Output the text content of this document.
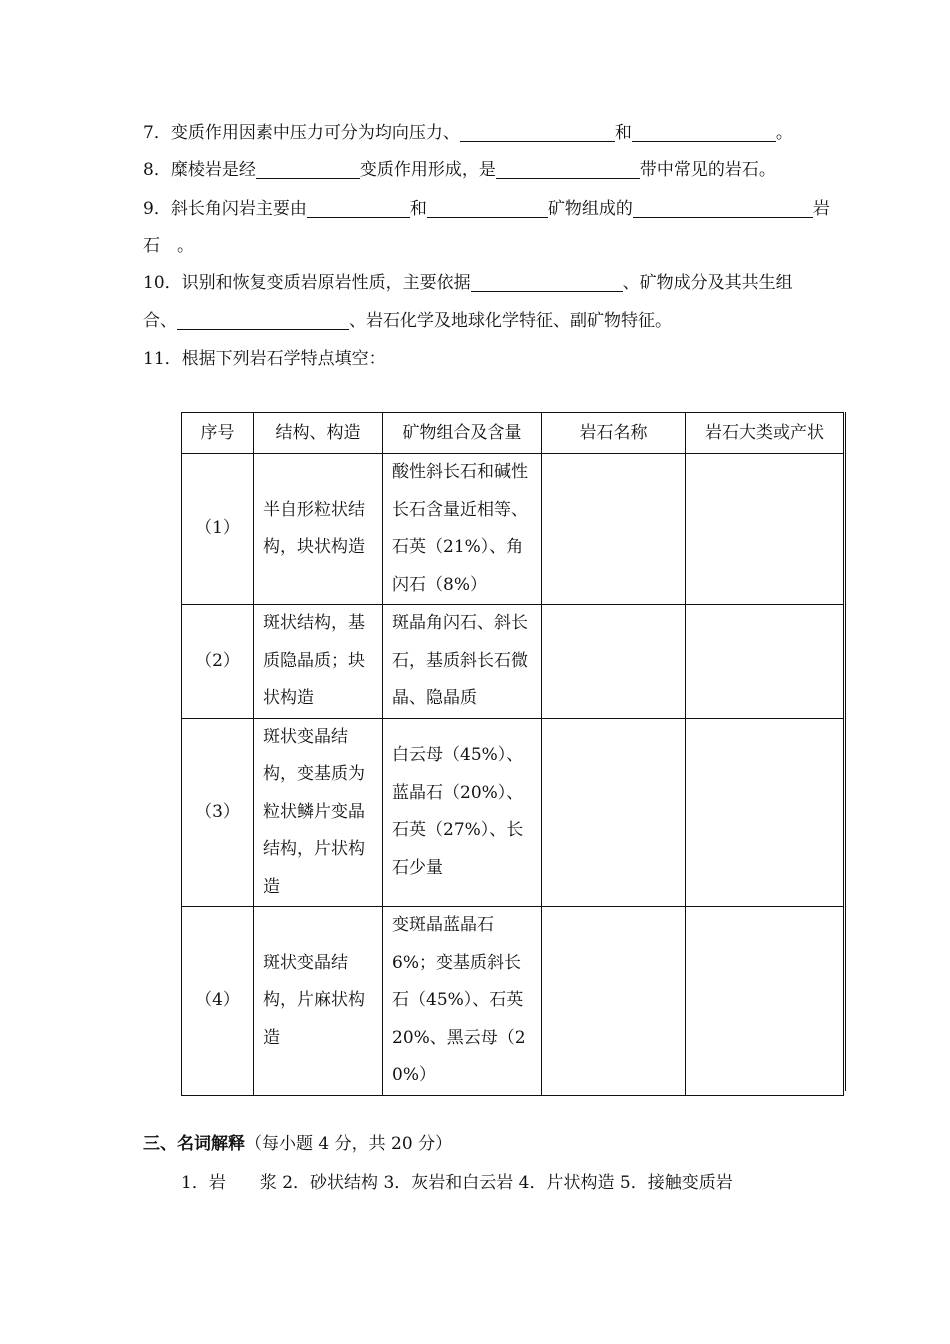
7．变质作用因素中压力可分为均向压力、	和	。
8．糜棱岩是经	变质作用形成，是	带中常见的岩石。
9．斜长角闪岩主要由	和	矿物组成的	岩
石　。
10．识别和恢复变质岩原岩性质，主要依据	、矿物成分及其共生组
合、	、岩石化学及地球化学特征、副矿物特征。
11．根据下列岩石学特点填空：
序号	结构、构造	矿物组合及含量	岩石名称	岩石大类或产状
（1）	半自形粒状结构，块状构造	酸性斜长石和碱性长石含量近相等、石英（21%）、角闪石（8%）		
（2）	斑状结构，基质隐晶质；块状构造	斑晶角闪石、斜长石，基质斜长石微晶、隐晶质		
（3）	斑状变晶结构，变基质为粒状鳞片变晶结构，片状构造	白云母（45%）、蓝晶石（20%）、石英（27%）、长石少量		
（4）	斑状变晶结构，片麻状构造	变斑晶蓝晶石6%；变基质斜长石（45%）、石英20%、黑云母（20%）		
三、名词解释（每小题 4 分，共 20 分）
1．岩　　浆 2．砂状结构 3．灰岩和白云岩 4．片状构造 5．接触变质岩
